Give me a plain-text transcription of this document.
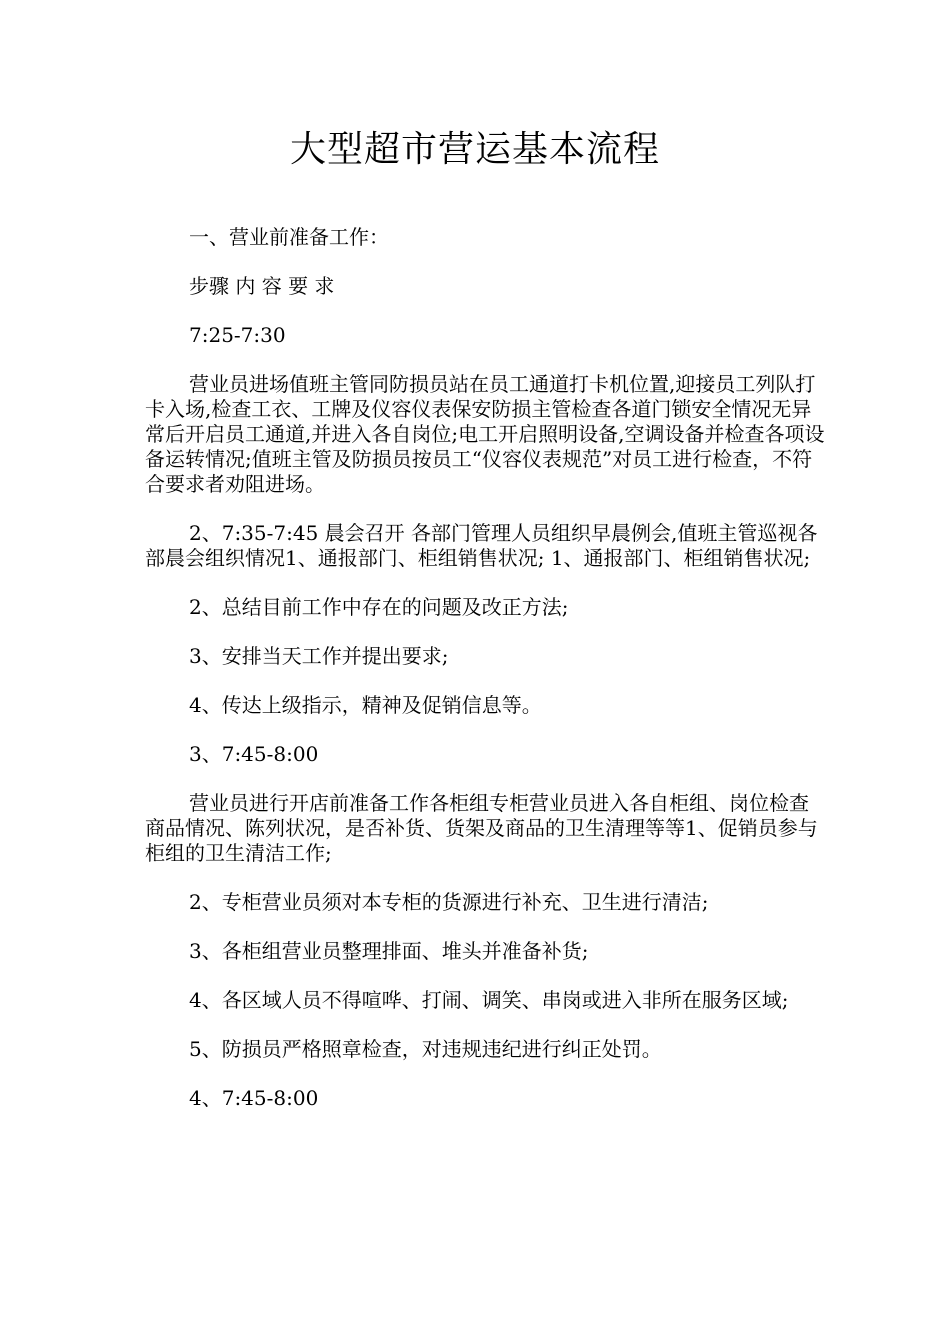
大型超市营运基本流程

一、营业前准备工作：

步骤 内 容 要 求

7:25-7:30

营业员进场值班主管同防损员站在员工通道打卡机位置,迎接员工列队打卡入场,检查工衣、工牌及仪容仪表保安防损主管检查各道门锁安全情况无异常后开启员工通道,并进入各自岗位;电工开启照明设备,空调设备并检查各项设备运转情况;值班主管及防损员按员工“仪容仪表规范”对员工进行检查，不符合要求者劝阻进场。

2、7:35-7:45 晨会召开 各部门管理人员组织早晨例会,值班主管巡视各部晨会组织情况1、通报部门、柜组销售状况; 1、通报部门、柜组销售状况;

2、总结目前工作中存在的问题及改正方法;

3、安排当天工作并提出要求;

4、传达上级指示，精神及促销信息等。

3、7:45-8:00

营业员进行开店前准备工作各柜组专柜营业员进入各自柜组、岗位检查商品情况、陈列状况，是否补货、货架及商品的卫生清理等等1、促销员参与柜组的卫生清洁工作;

2、专柜营业员须对本专柜的货源进行补充、卫生进行清洁;

3、各柜组营业员整理排面、堆头并准备补货;

4、各区域人员不得喧哗、打闹、调笑、串岗或进入非所在服务区域;

5、防损员严格照章检查，对违规违纪进行纠正处罚。

4、7:45-8:00
